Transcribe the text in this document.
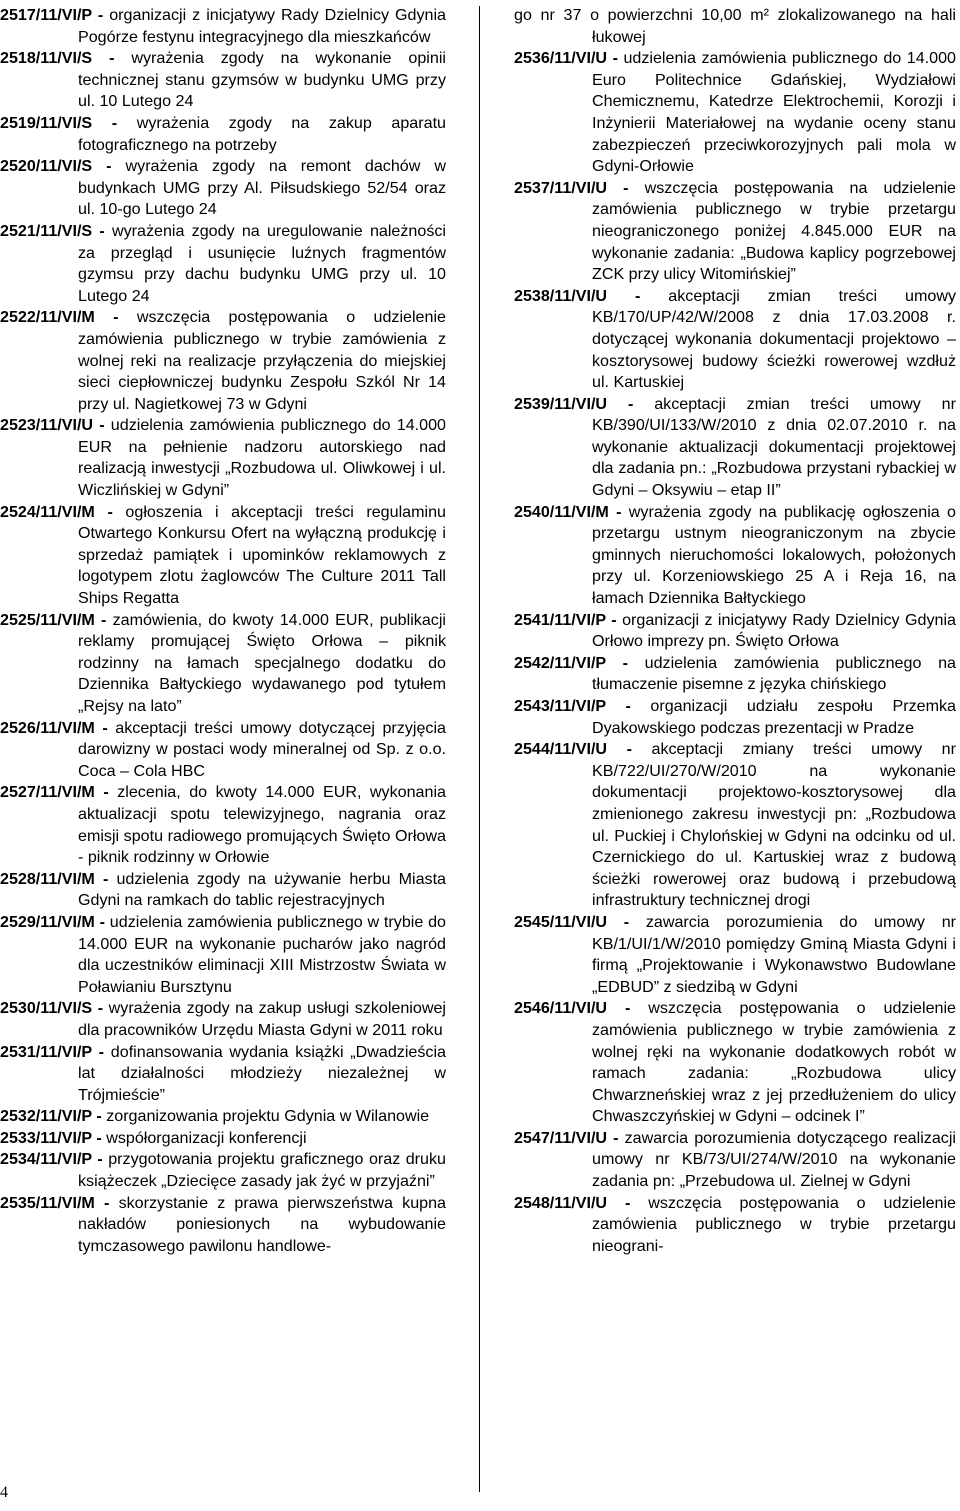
2517/11/VI/P - organizacji z inicjatywy Rady Dzielnicy Gdynia Pogórze festynu integracyjnego dla mieszkańców
2518/11/VI/S - wyrażenia zgody na wykonanie opinii technicznej stanu gzymsów w budynku UMG przy ul. 10 Lutego 24
2519/11/VI/S - wyrażenia zgody na zakup aparatu fotograficznego na potrzeby
2520/11/VI/S - wyrażenia zgody na remont dachów w budynkach UMG przy Al. Piłsudskiego 52/54 oraz ul. 10-go Lutego 24
2521/11/VI/S - wyrażenia zgody na uregulowanie należności za przegląd i usunięcie luźnych fragmentów gzymsu przy dachu budynku UMG przy ul. 10 Lutego 24
2522/11/VI/M - wszczęcia postępowania o udzielenie zamówienia publicznego w trybie zamówienia z wolnej reki na realizacje przyłączenia do miejskiej sieci ciepłowniczej budynku Zespołu Szkól Nr 14 przy ul. Nagietkowej 73 w Gdyni
2523/11/VI/U - udzielenia zamówienia publicznego do 14.000 EUR na pełnienie nadzoru autorskiego nad realizacją inwestycji „Rozbudowa ul. Oliwkowej i ul. Wiczlińskiej w Gdyni”
2524/11/VI/M - ogłoszenia i akceptacji treści regulaminu Otwartego Konkursu Ofert na wyłączną produkcję i sprzedaż pamiątek i upominków reklamowych z logotypem zlotu żaglowców The Culture 2011 Tall Ships Regatta
2525/11/VI/M - zamówienia, do kwoty 14.000 EUR, publikacji reklamy promującej Święto Orłowa – piknik rodzinny na łamach specjalnego dodatku do Dziennika Bałtyckiego wydawanego pod tytułem „Rejsy na lato”
2526/11/VI/M - akceptacji treści umowy dotyczącej przyjęcia darowizny w postaci wody mineralnej od Sp. z o.o. Coca – Cola HBC
2527/11/VI/M - zlecenia, do kwoty 14.000 EUR, wykonania aktualizacji spotu telewizyjnego, nagrania oraz emisji spotu radiowego promujących Święto Orłowa - piknik rodzinny w Orłowie
2528/11/VI/M - udzielenia zgody na używanie herbu Miasta Gdyni na ramkach do tablic rejestracyjnych
2529/11/VI/M - udzielenia zamówienia publicznego w trybie do 14.000 EUR na wykonanie pucharów jako nagród dla uczestników eliminacji XIII Mistrzostw Świata w Poławianiu Bursztynu
2530/11/VI/S - wyrażenia zgody na zakup usługi szkoleniowej dla pracowników Urzędu Miasta Gdyni w 2011 roku
2531/11/VI/P - dofinansowania wydania książki „Dwadzieścia lat działalności młodzieży niezależnej w Trójmieście”
2532/11/VI/P - zorganizowania projektu Gdynia w Wilanowie
2533/11/VI/P - współorganizacji konferencji
2534/11/VI/P - przygotowania projektu graficznego oraz druku książeczek „Dziecięce zasady jak żyć w przyjaźni”
2535/11/VI/M - skorzystanie z prawa pierwszeństwa kupna nakładów poniesionych na wybudowanie tymczasowego pawilonu handlowe-
go nr 37 o powierzchni 10,00 m² zlokalizowanego na hali łukowej
2536/11/VI/U - udzielenia zamówienia publicznego do 14.000 Euro Politechnice Gdańskiej, Wydziałowi Chemicznemu, Katedrze Elektrochemii, Korozji i Inżynierii Materiałowej na wydanie oceny stanu zabezpieczeń przeciwkorozyjnych pali mola w Gdyni-Orłowie
2537/11/VI/U - wszczęcia postępowania na udzielenie zamówienia publicznego w trybie przetargu nieograniczonego poniżej 4.845.000 EUR na wykonanie zadania: „Budowa kaplicy pogrzebowej ZCK przy ulicy Witomińskiej”
2538/11/VI/U - akceptacji zmian treści umowy KB/170/UP/42/W/2008 z dnia 17.03.2008 r. dotyczącej wykonania dokumentacji projektowo – kosztorysowej budowy ścieżki rowerowej wzdłuż ul. Kartuskiej
2539/11/VI/U - akceptacji zmian treści umowy nr KB/390/UI/133/W/2010 z dnia 02.07.2010 r. na wykonanie aktualizacji dokumentacji projektowej dla zadania pn.: „Rozbudowa przystani rybackiej w Gdyni – Oksywiu – etap II”
2540/11/VI/M - wyrażenia zgody na publikację ogłoszenia o przetargu ustnym nieograniczonym na zbycie gminnych nieruchomości lokalowych, położonych przy ul. Korzeniowskiego 25 A i Reja 16, na łamach Dziennika Bałtyckiego
2541/11/VI/P - organizacji z inicjatywy Rady Dzielnicy Gdynia Orłowo imprezy pn. Święto Orłowa
2542/11/VI/P - udzielenia zamówienia publicznego na tłumaczenie pisemne z języka chińskiego
2543/11/VI/P - organizacji udziału zespołu Przemka Dyakowskiego podczas prezentacji w Pradze
2544/11/VI/U - akceptacji zmiany treści umowy nr KB/722/UI/270/W/2010 na wykonanie dokumentacji projektowo-kosztorysowej dla zmienionego zakresu inwestycji pn: „Rozbudowa ul. Puckiej i Chylońskiej w Gdyni na odcinku od ul. Czernickiego do ul. Kartuskiej wraz z budową ścieżki rowerowej oraz budową i przebudową infrastruktury technicznej drogi
2545/11/VI/U - zawarcia porozumienia do umowy nr KB/1/UI/1/W/2010 pomiędzy Gminą Miasta Gdyni i firmą „Projektowanie i Wykonawstwo Budowlane „EDBUD” z siedzibą w Gdyni
2546/11/VI/U - wszczęcia postępowania o udzielenie zamówienia publicznego w trybie zamówienia z wolnej ręki na wykonanie dodatkowych robót w ramach zadania: „Rozbudowa ulicy Chwarzneńskiej wraz z jej przedłużeniem do ulicy Chwaszczyńskiej w Gdyni – odcinek I”
2547/11/VI/U - zawarcia porozumienia dotyczącego realizacji umowy nr KB/73/UI/274/W/2010 na wykonanie zadania pn: „Przebudowa ul. Zielnej w Gdyni
2548/11/VI/U - wszczęcia postępowania o udzielenie zamówienia publicznego w trybie przetargu nieograni-
4
